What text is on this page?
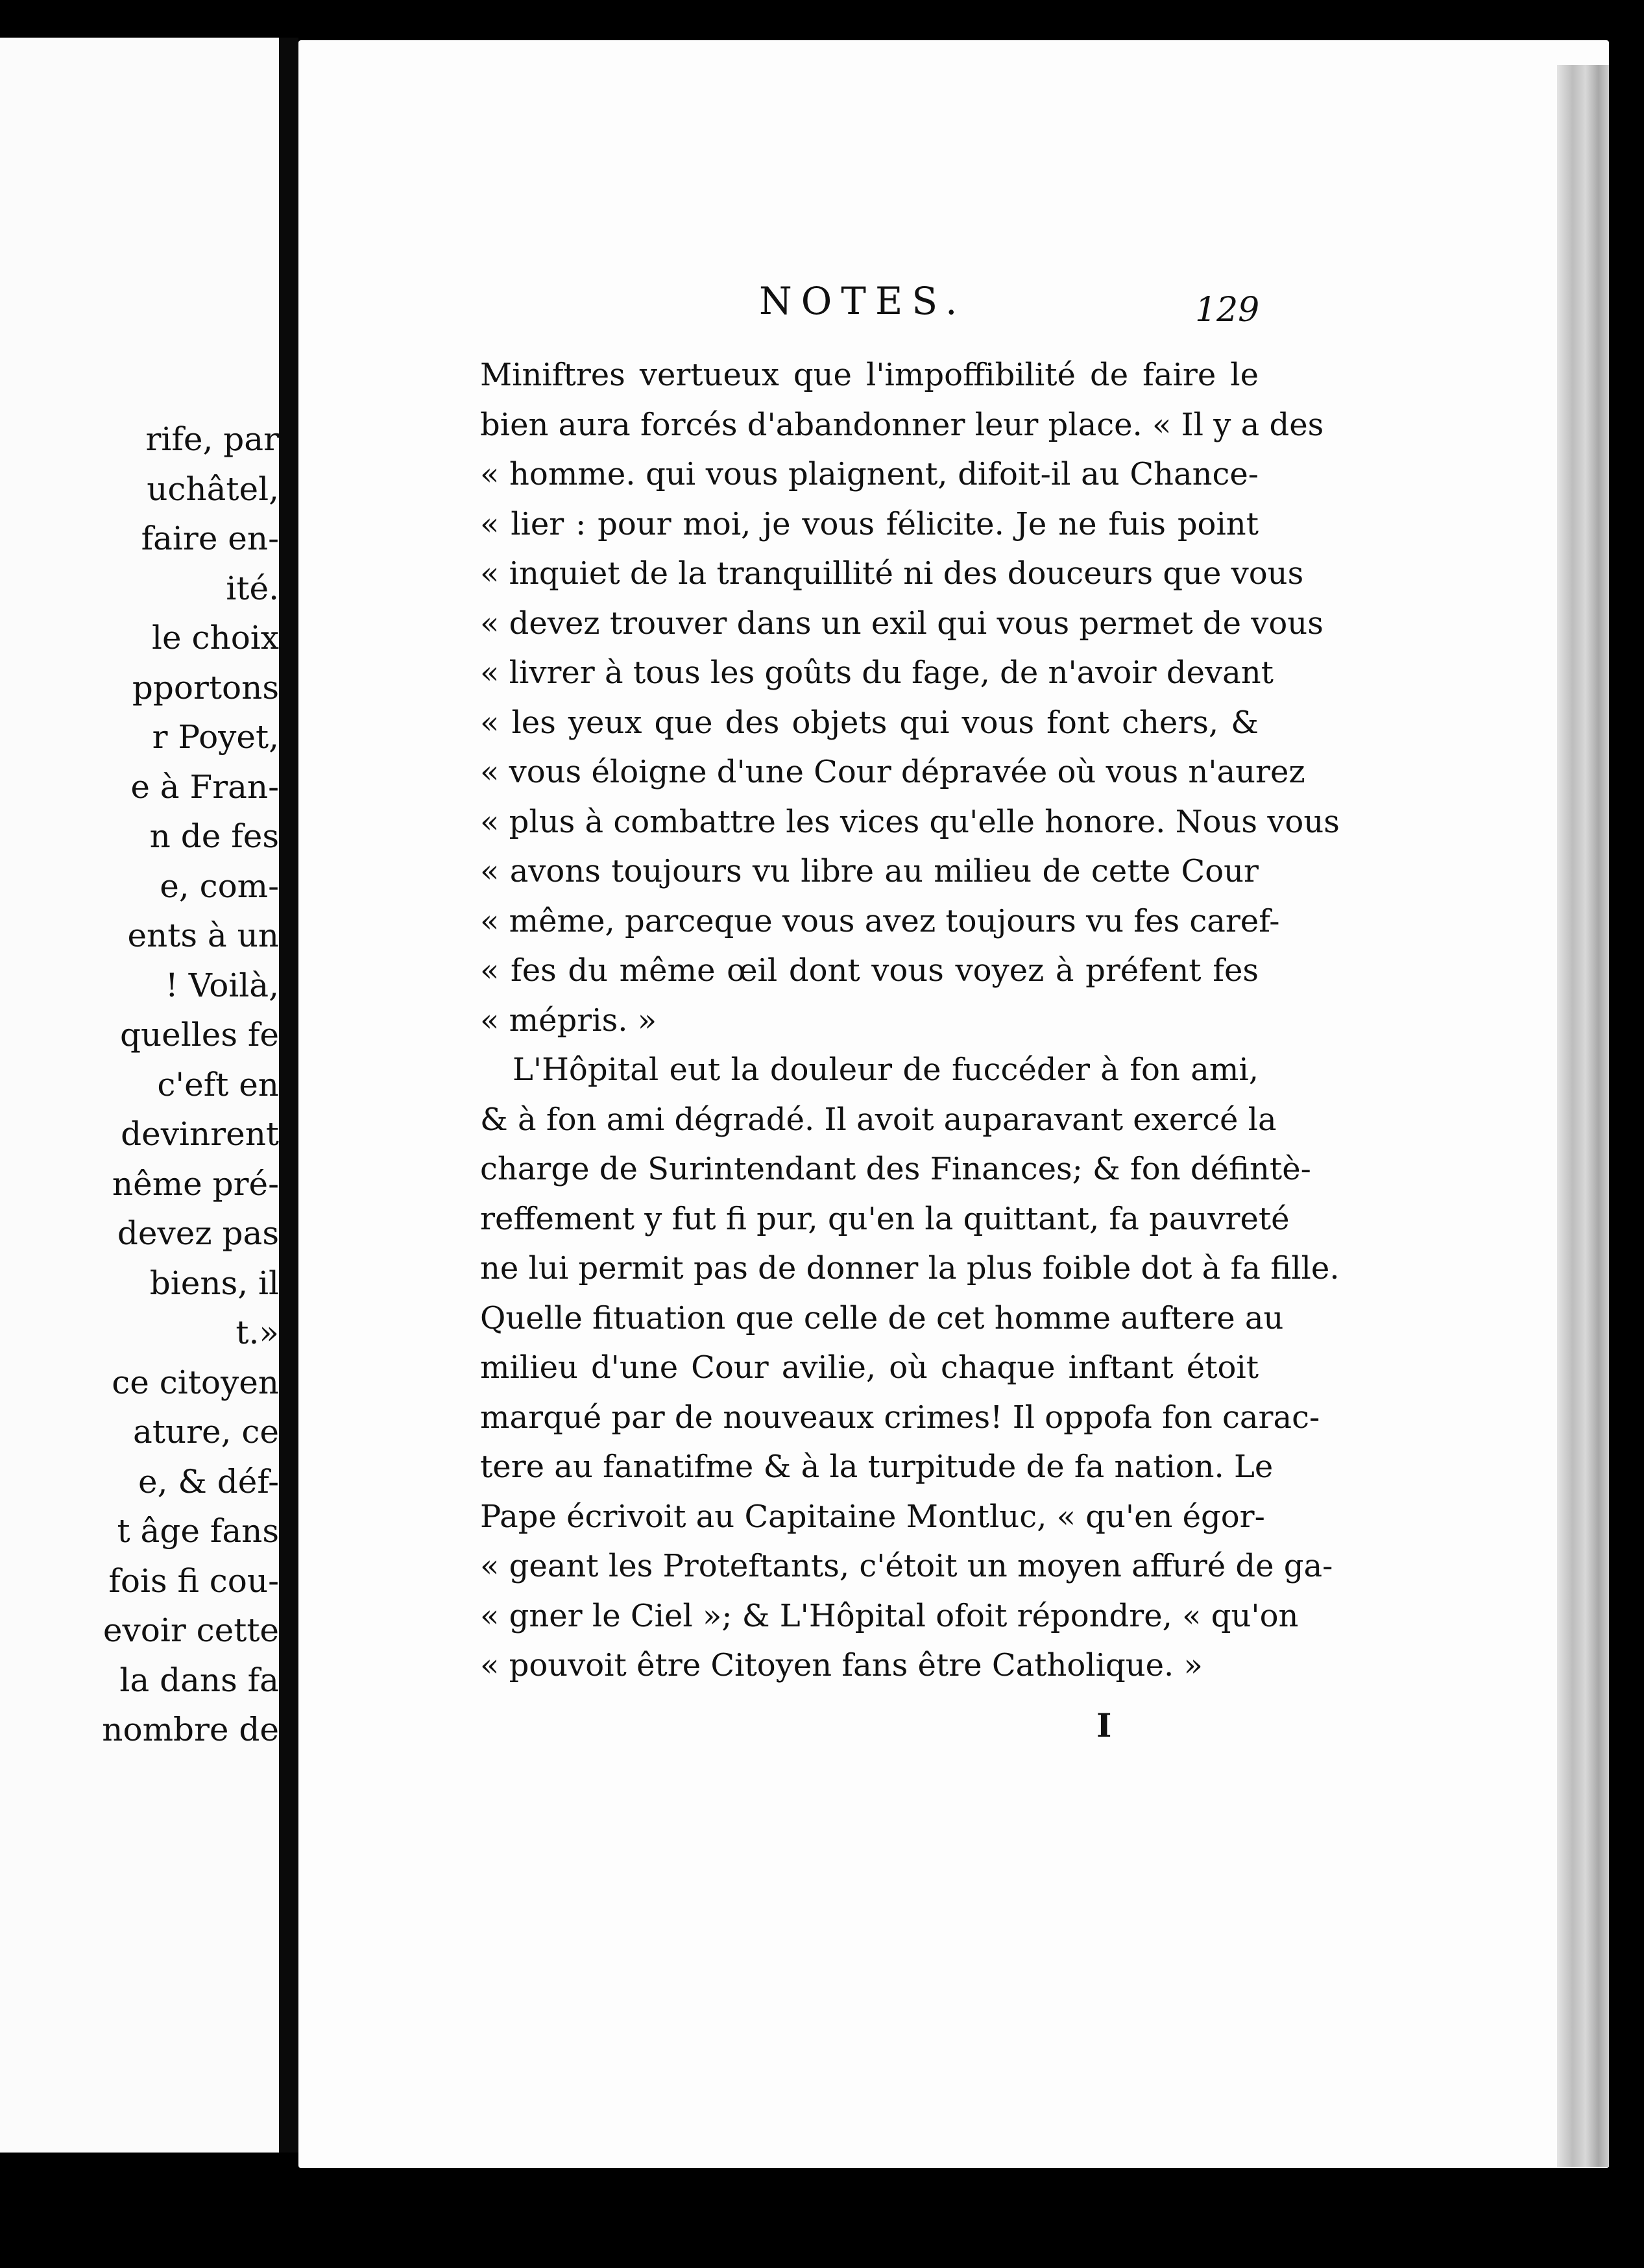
rife, par
uchâtel,
faire en-
ité.
le choix
pportons
r Poyet,
e à Fran-
n de fes
e, com-
ents à un
! Voilà,
quelles fe
c'eft en
devinrent
nême pré-
devez pas
biens, il
t.»
ce citoyen
ature, ce
e, & déf-
t âge fans
fois fi cou-
evoir cette
la dans fa
nombre de
NOTES.	129
Miniftres vertueux que l'impoffibilité de faire le
bien aura forcés d'abandonner leur place. « Il y a des
« homme. qui vous plaignent, difoit-il au Chance-
« lier : pour moi, je vous félicite. Je ne fuis point
« inquiet de la tranquillité ni des douceurs que vous
« devez trouver dans un exil qui vous permet de vous
« livrer à tous les goûts du fage, de n'avoir devant
« les yeux que des objets qui vous font chers, &
« vous éloigne d'une Cour dépravée où vous n'aurez
« plus à combattre les vices qu'elle honore. Nous vous
« avons toujours vu libre au milieu de cette Cour
« même, parceque vous avez toujours vu fes caref-
« fes du même œil dont vous voyez à préfent fes
« mépris. »
L'Hôpital eut la douleur de fuccéder à fon ami,
& à fon ami dégradé. Il avoit auparavant exercé la
charge de Surintendant des Finances; & fon défintè-
reffement y fut fi pur, qu'en la quittant, fa pauvreté
ne lui permit pas de donner la plus foible dot à fa fille.
Quelle fituation que celle de cet homme aufterе au
milieu d'une Cour avilie, où chaque inftant étoit
marqué par de nouveaux crimes! Il oppofa fon carac-
tere au fanatifme & à la turpitude de fa nation. Le
Pape écrivoit au Capitaine Montluc, « qu'en égor-
« geant les Proteftants, c'étoit un moyen affuré de ga-
« gner le Ciel »; & L'Hôpital ofoit répondre, « qu'on
« pouvoit être Citoyen fans être Catholique. »
I
